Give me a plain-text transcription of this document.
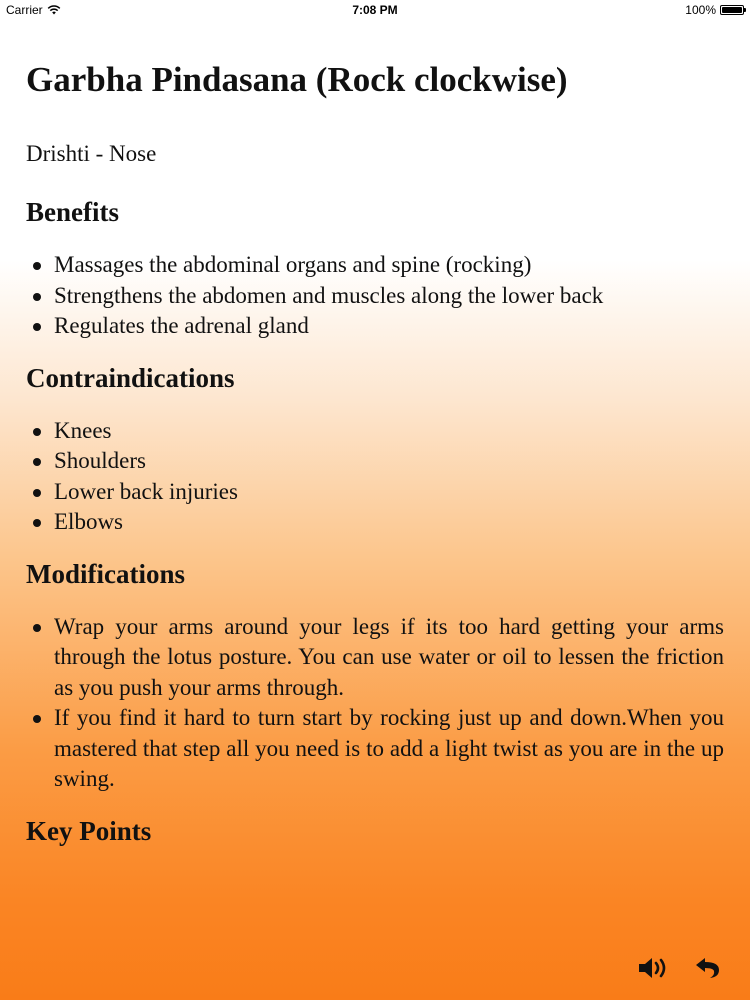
Carrier	7:08 PM	100%
Garbha Pindasana (Rock clockwise)
Drishti - Nose
Benefits
Massages the abdominal organs and spine (rocking)
Strengthens the abdomen and muscles along the lower back
Regulates the adrenal gland
Contraindications
Knees
Shoulders
Lower back injuries
Elbows
Modifications
Wrap your arms around your legs if its too hard getting your arms through the lotus posture. You can use water or oil to lessen the friction as you push your arms through.
If you find it hard to turn start by rocking just up and down.When you mastered that step all you need is to add a light twist as you are in the up swing.
Key Points
